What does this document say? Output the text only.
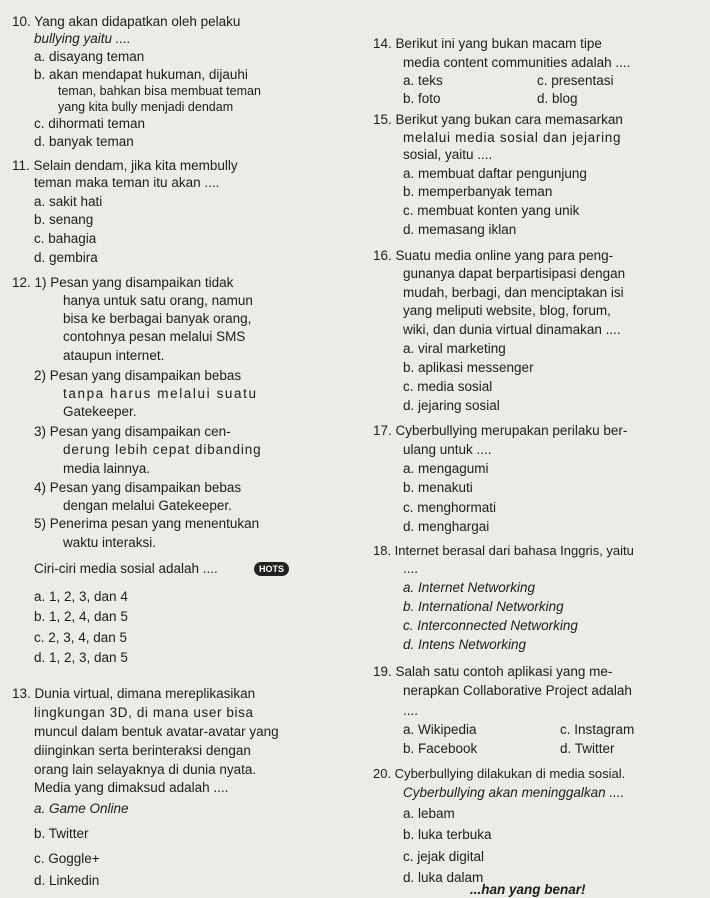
10. Yang akan didapatkan oleh pelaku
bullying yaitu ....
a. disayang teman
b. akan mendapat hukuman, dijauhi
teman, bahkan bisa membuat teman
yang kita bully menjadi dendam
c. dihormati teman
d. banyak teman
11. Selain dendam, jika kita membully
teman maka teman itu akan ....
a. sakit hati
b. senang
c. bahagia
d. gembira
12. 1) Pesan yang disampaikan tidak
hanya untuk satu orang, namun
bisa ke berbagai banyak orang,
contohnya pesan melalui SMS
ataupun internet.
2) Pesan yang disampaikan bebas
tanpa harus melalui suatu
Gatekeeper.
3) Pesan yang disampaikan cen-
derung lebih cepat dibanding
media lainnya.
4) Pesan yang disampaikan bebas
dengan melalui Gatekeeper.
5) Penerima pesan yang menentukan
waktu interaksi.
Ciri-ciri media sosial adalah ....	HOTS
a. 1, 2, 3, dan 4
b. 1, 2, 4, dan 5
c. 2, 3, 4, dan 5
d. 1, 2, 3, dan 5
13. Dunia virtual, dimana mereplikasikan
lingkungan 3D, di mana user bisa
muncul dalam bentuk avatar-avatar yang
diinginkan serta berinteraksi dengan
orang lain selayaknya di dunia nyata.
Media yang dimaksud adalah ....
a. Game Online
b. Twitter
c. Goggle+
d. Linkedin
14. Berikut ini yang bukan macam tipe
media content communities adalah ....
a. teks	c. presentasi
b. foto	d. blog
15. Berikut yang bukan cara memasarkan
melalui media sosial dan jejaring
sosial, yaitu ....
a. membuat daftar pengunjung
b. memperbanyak teman
c. membuat konten yang unik
d. memasang iklan
16. Suatu media online yang para peng-
gunanya dapat berpartisipasi dengan
mudah, berbagi, dan menciptakan isi
yang meliputi website, blog, forum,
wiki, dan dunia virtual dinamakan ....
a. viral marketing
b. aplikasi messenger
c. media sosial
d. jejaring sosial
17. Cyberbullying merupakan perilaku ber-
ulang untuk ....
a. mengagumi
b. menakuti
c. menghormati
d. menghargai
18. Internet berasal dari bahasa Inggris, yaitu
....
a. Internet Networking
b. International Networking
c. Interconnected Networking
d. Intens Networking
19. Salah satu contoh aplikasi yang me-
nerapkan Collaborative Project adalah
....
a. Wikipedia	c. Instagram
b. Facebook	d. Twitter
20. Cyberbullying dilakukan di media sosial.
Cyberbullying akan meninggalkan ....
a. lebam
b. luka terbuka
c. jejak digital
d. luka dalam
...han yang benar!
